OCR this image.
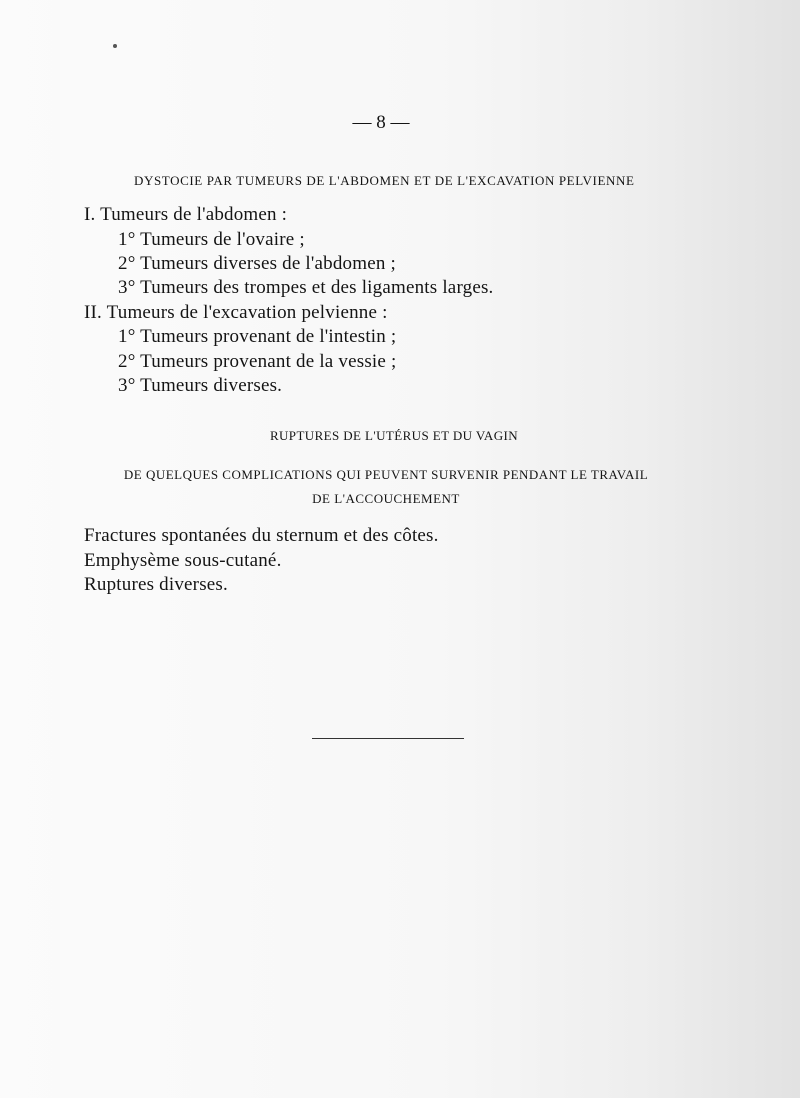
— 8 —
DYSTOCIE PAR TUMEURS DE L'ABDOMEN ET DE L'EXCAVATION PELVIENNE
I. Tumeurs de l'abdomen :
1° Tumeurs de l'ovaire ;
2° Tumeurs diverses de l'abdomen ;
3° Tumeurs des trompes et des ligaments larges.
II. Tumeurs de l'excavation pelvienne :
1° Tumeurs provenant de l'intestin ;
2° Tumeurs provenant de la vessie ;
3° Tumeurs diverses.
RUPTURES DE L'UTÉRUS ET DU VAGIN
DE QUELQUES COMPLICATIONS QUI PEUVENT SURVENIR PENDANT LE TRAVAIL
DE L'ACCOUCHEMENT
Fractures spontanées du sternum et des côtes.
Emphysème sous-cutané.
Ruptures diverses.
